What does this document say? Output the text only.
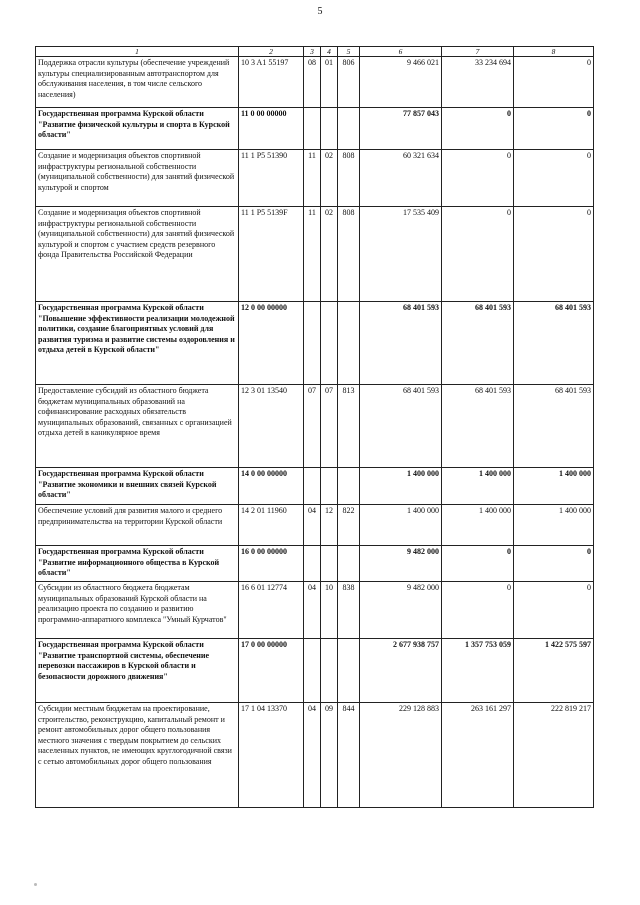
5
1	2	3	4	5	6	7	8
Поддержка отрасли культуры (обеспечение учреждений культуры специализированным автотранспортом для обслуживания населения, в том числе сельского населения)	10 3 A1 55197	08	01	806	9 466 021	33 234 694	0
Государственная программа Курской области "Развитие физической культуры и спорта в Курской области"	11 0 00 00000				77 857 043	0	0
Создание и модернизация объектов спортивной инфраструктуры региональной собственности (муниципальной собственности) для занятий физической культурой и спортом	11 1 P5 51390	11	02	808	60 321 634	0	0
Создание и модернизация объектов спортивной инфраструктуры региональной собственности (муниципальной собственности) для занятий физической культурой и спортом с участием средств резервного фонда Правительства Российской Федерации	11 1 P5 5139F	11	02	808	17 535 409	0	0
Государственная программа Курской области "Повышение эффективности реализации молодежной политики, создание благоприятных условий для развития туризма и развитие системы оздоровления и отдыха детей в Курской области"	12 0 00 00000				68 401 593	68 401 593	68 401 593
Предоставление субсидий из областного бюджета бюджетам муниципальных образований на софинансирование расходных обязательств муниципальных образований, связанных с организацией отдыха детей в каникулярное время	12 3 01 13540	07	07	813	68 401 593	68 401 593	68 401 593
Государственная программа Курской области "Развитие экономики и внешних связей Курской области"	14 0 00 00000				1 400 000	1 400 000	1 400 000
Обеспечение условий для развития малого и среднего предпринимательства на территории Курской области	14 2 01 11960	04	12	822	1 400 000	1 400 000	1 400 000
Государственная программа Курской области "Развитие информационного общества в Курской области"	16 0 00 00000				9 482 000	0	0
Субсидии из областного бюджета бюджетам муниципальных образований Курской области на реализацию проекта по созданию и развитию программно-аппаратного комплекса "Умный Курчатов"	16 6 01 12774	04	10	838	9 482 000	0	0
Государственная программа Курской области "Развитие транспортной системы, обеспечение перевозки пассажиров в Курской области и безопасности дорожного движения"	17 0 00 00000				2 677 938 757	1 357 753 059	1 422 575 597
Субсидии местным бюджетам на проектирование, строительство, реконструкцию, капитальный ремонт и ремонт автомобильных дорог общего пользования местного значения с твердым покрытием до сельских населенных пунктов, не имеющих круглогодичной связи с сетью автомобильных дорог общего пользования	17 1 04 13370	04	09	844	229 128 883	263 161 297	222 819 217
